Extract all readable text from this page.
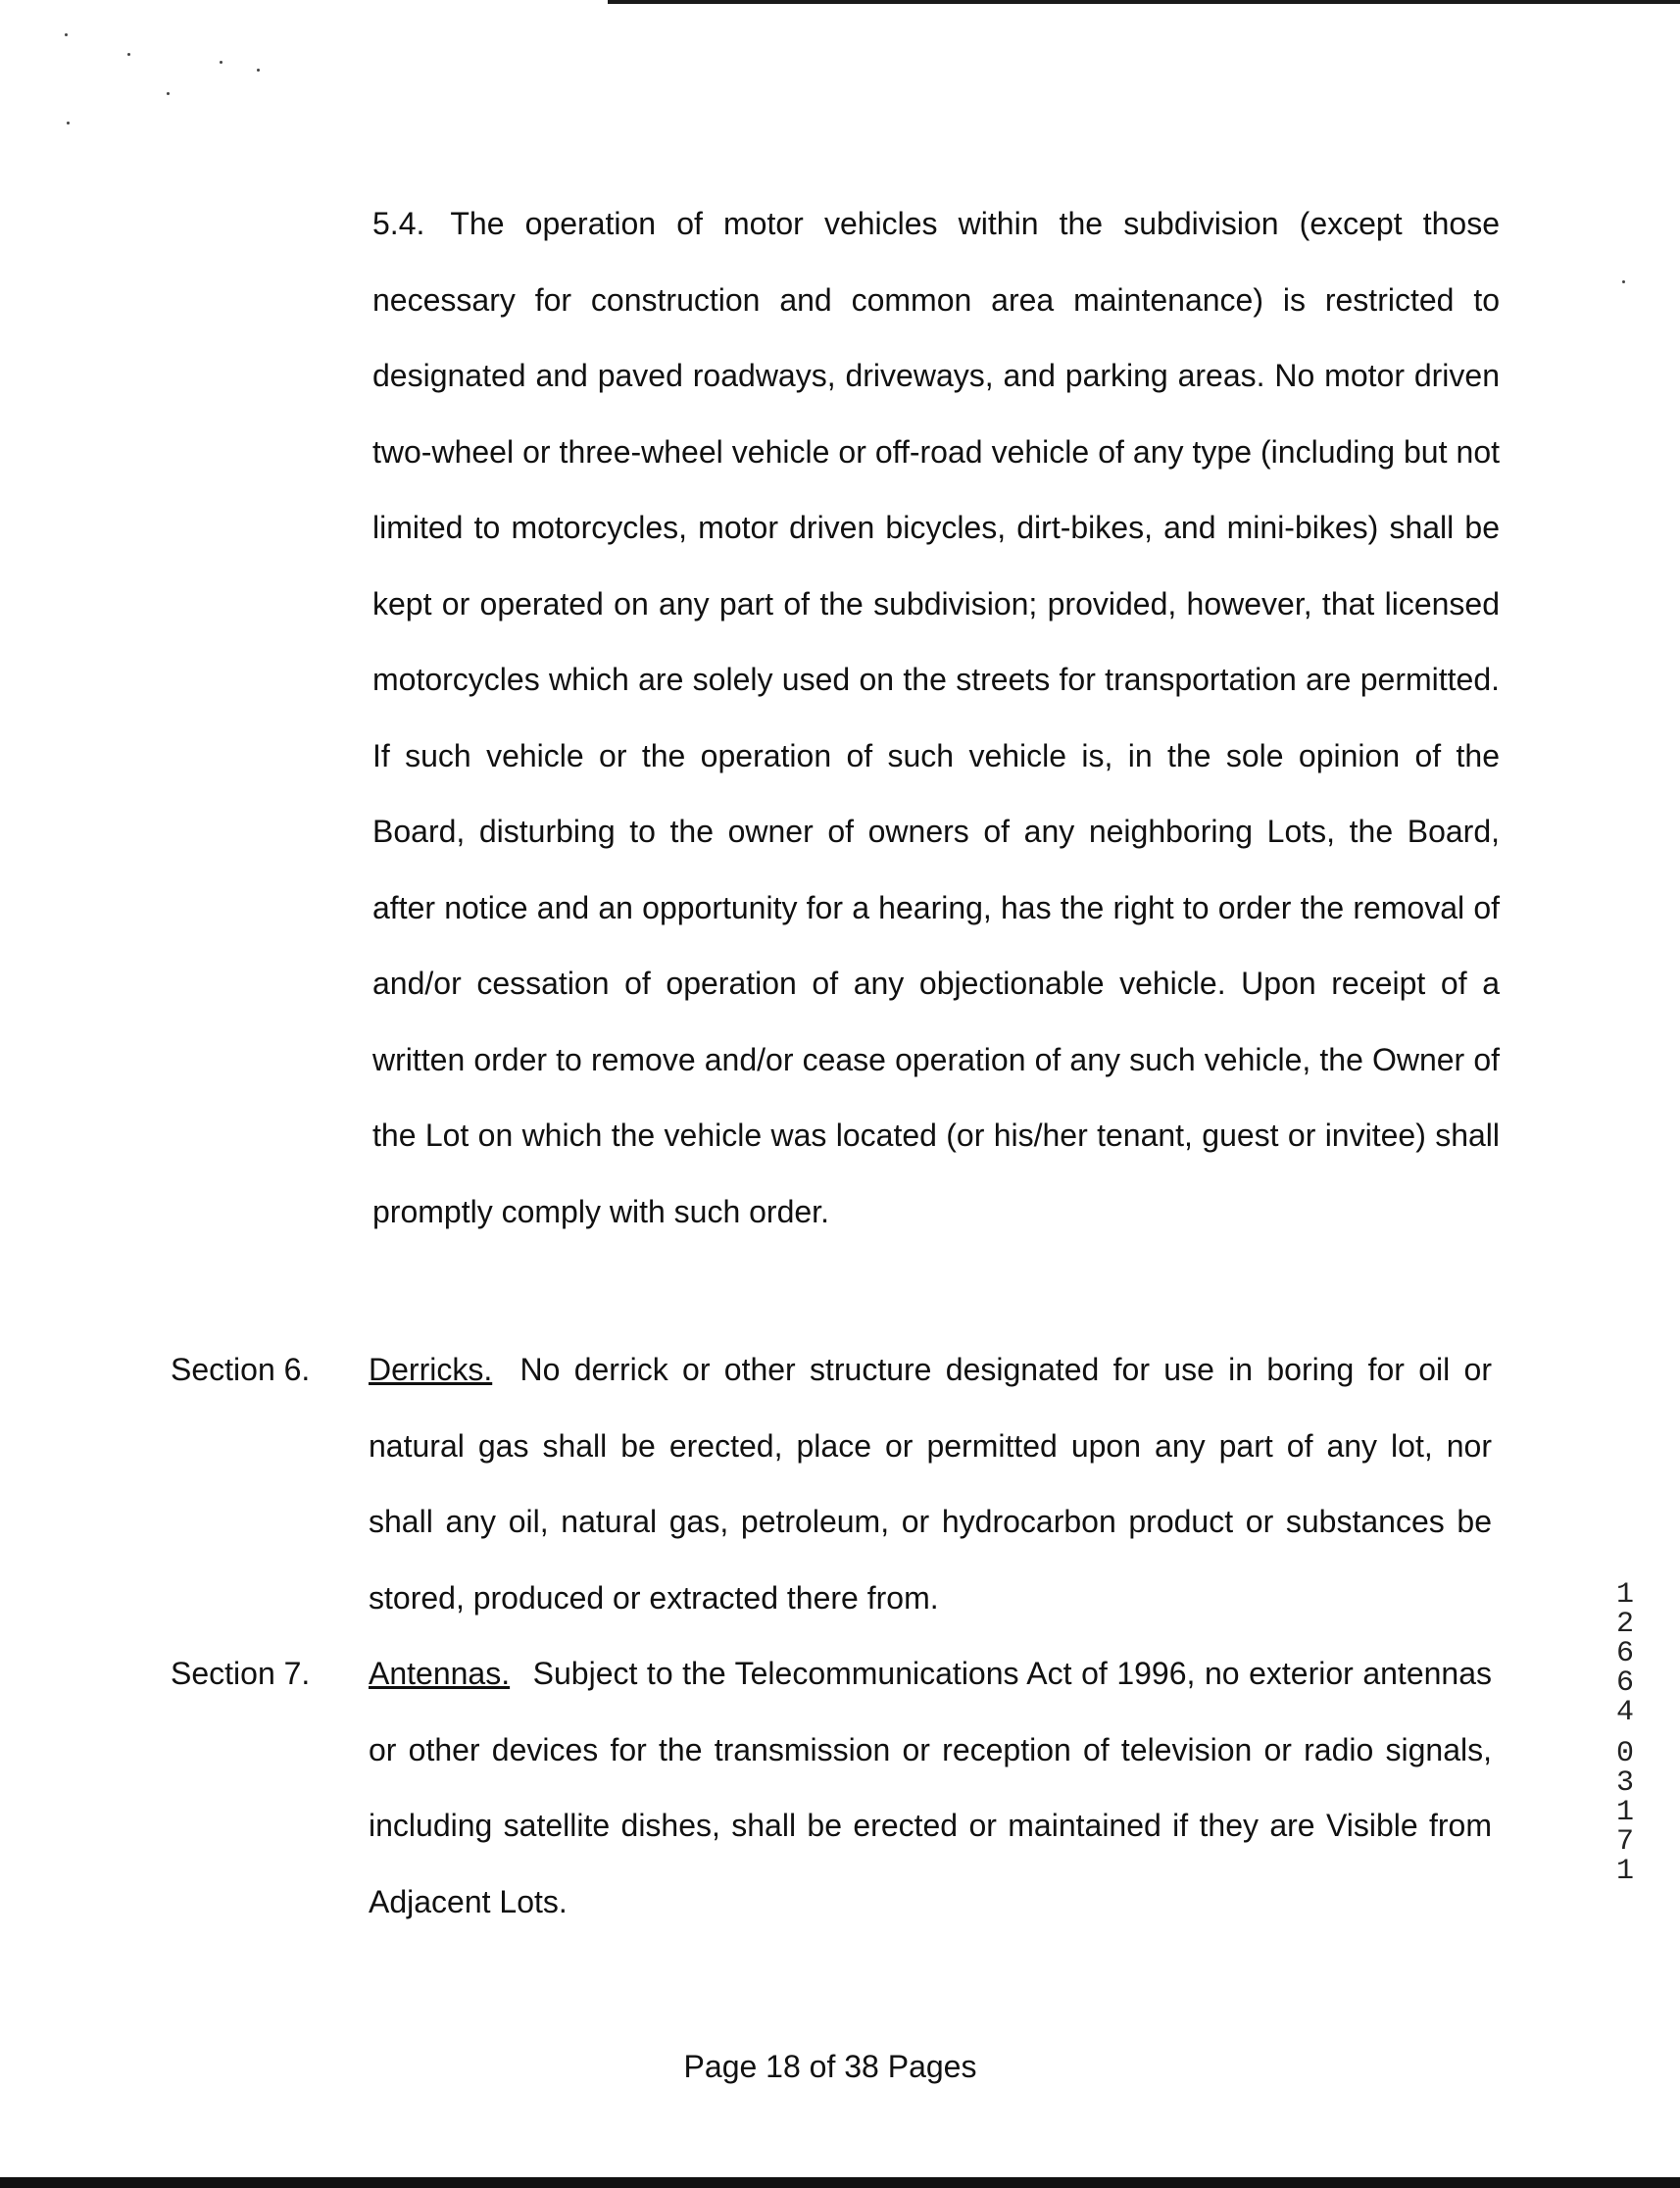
5.4. The operation of motor vehicles within the subdivision (except those necessary for construction and common area maintenance) is restricted to designated and paved roadways, driveways, and parking areas. No motor driven two-wheel or three-wheel vehicle or off-road vehicle of any type (including but not limited to motorcycles, motor driven bicycles, dirt-bikes, and mini-bikes) shall be kept or operated on any part of the subdivision; provided, however, that licensed motorcycles which are solely used on the streets for transportation are permitted. If such vehicle or the operation of such vehicle is, in the sole opinion of the Board, disturbing to the owner of owners of any neighboring Lots, the Board, after notice and an opportunity for a hearing, has the right to order the removal of and/or cessation of operation of any objectionable vehicle. Upon receipt of a written order to remove and/or cease operation of any such vehicle, the Owner of the Lot on which the vehicle was located (or his/her tenant, guest or invitee) shall promptly comply with such order.

Section 6.	Derricks. No derrick or other structure designated for use in boring for oil or natural gas shall be erected, place or permitted upon any part of any lot, nor shall any oil, natural gas, petroleum, or hydrocarbon product or substances be stored, produced or extracted there from.

Section 7.	Antennas. Subject to the Telecommunications Act of 1996, no exterior antennas or other devices for the transmission or reception of television or radio signals, including satellite dishes, shall be erected or maintained if they are Visible from Adjacent Lots.

12664
03171
Page 18 of 38 Pages
